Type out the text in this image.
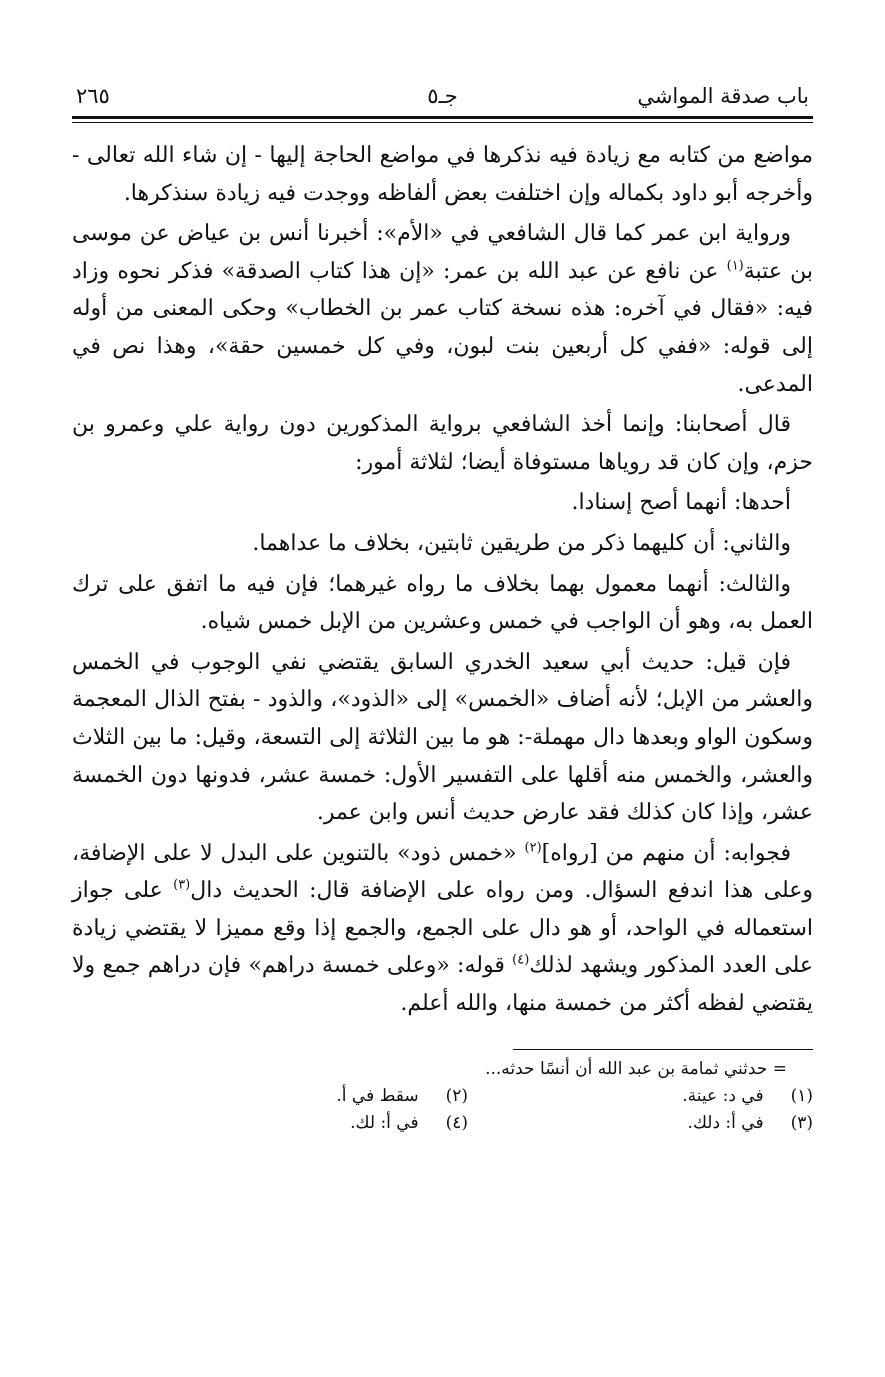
باب صدقة المواشي
جـ٥
٢٦٥

مواضع من كتابه مع زيادة فيه نذكرها في مواضع الحاجة إليها - إن شاء الله تعالى - وأخرجه أبو داود بكماله وإن اختلفت بعض ألفاظه ووجدت فيه زيادة سنذكرها.

ورواية ابن عمر كما قال الشافعي في «الأم»: أخبرنا أنس بن عياض عن موسى بن عتبة$^{(١)}$ عن نافع عن عبد الله بن عمر: «إن هذا كتاب الصدقة» فذكر نحوه وزاد فيه: «فقال في آخره: هذه نسخة كتاب عمر بن الخطاب» وحكى المعنى من أوله إلى قوله: «ففي كل أربعين بنت لبون، وفي كل خمسين حقة»، وهذا نص في المدعى.

قال أصحابنا: وإنما أخذ الشافعي برواية المذكورين دون رواية علي وعمرو بن حزم، وإن كان قد روياها مستوفاة أيضا؛ لثلاثة أمور:

أحدها: أنهما أصح إسنادا.

والثاني: أن كليهما ذكر من طريقين ثابتين، بخلاف ما عداهما.

والثالث: أنهما معمول بهما بخلاف ما رواه غيرهما؛ فإن فيه ما اتفق على ترك العمل به، وهو أن الواجب في خمس وعشرين من الإبل خمس شياه.

فإن قيل: حديث أبي سعيد الخدري السابق يقتضي نفي الوجوب في الخمس والعشر من الإبل؛ لأنه أضاف «الخمس» إلى «الذود»، والذود - بفتح الذال المعجمة وسكون الواو وبعدها دال مهملة-: هو ما بين الثلاثة إلى التسعة، وقيل: ما بين الثلاث والعشر، والخمس منه أقلها على التفسير الأول: خمسة عشر، فدونها دون الخمسة عشر، وإذا كان كذلك فقد عارض حديث أنس وابن عمر.

فجوابه: أن منهم من [رواه]$^{(٢)}$ «خمس ذود» بالتنوين على البدل لا على الإضافة، وعلى هذا اندفع السؤال. ومن رواه على الإضافة قال: الحديث دال$^{(٣)}$ على جواز استعماله في الواحد، أو هو دال على الجمع، والجمع إذا وقع مميزا لا يقتضي زيادة على العدد المذكور ويشهد لذلك$^{(٤)}$ قوله: «وعلى خمسة دراهم» فإن دراهم جمع ولا يقتضي لفظه أكثر من خمسة منها، والله أعلم.

= حدثني ثمامة بن عبد الله أن أنسًا حدثه...
(١) في د: عينة.
(٢) سقط في أ.
(٣) في أ: دلك.
(٤) في أ: لك.
